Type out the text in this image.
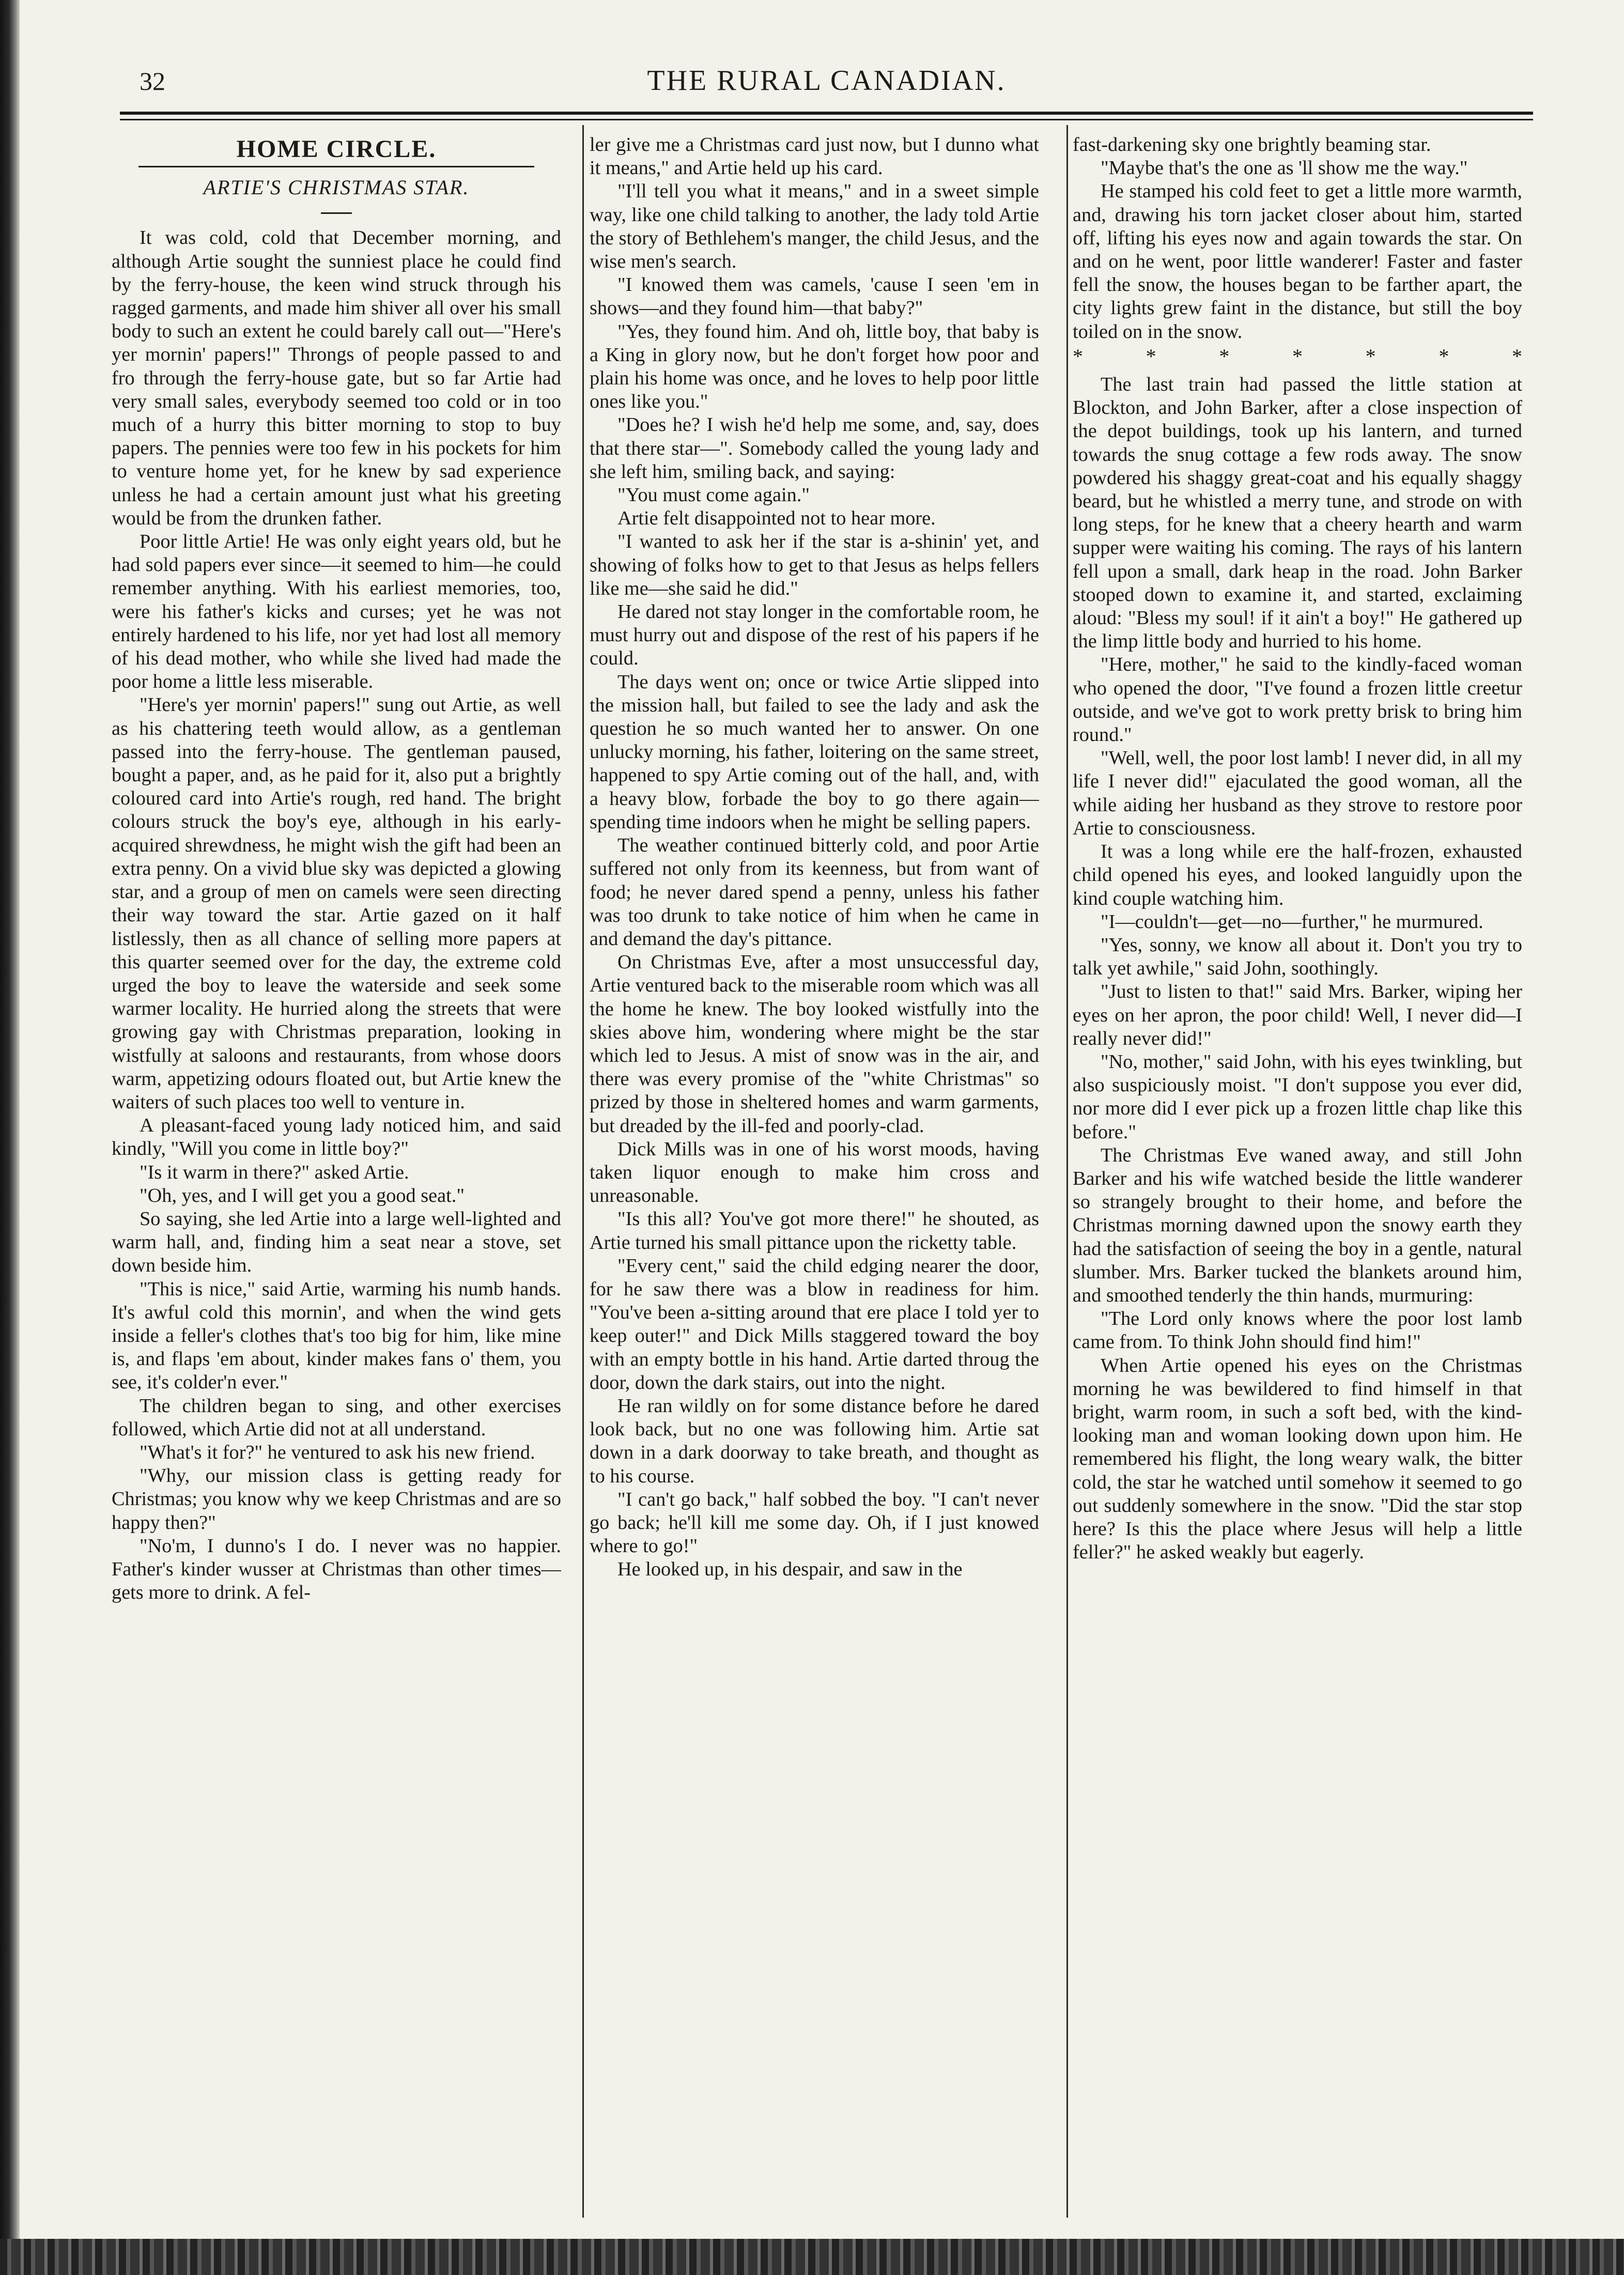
32	THE RURAL CANADIAN.
HOME CIRCLE.
ARTIE'S CHRISTMAS STAR.

It was cold, cold that December morning, and although Artie sought the sunniest place he could find by the ferry-house, the keen wind struck through his ragged garments, and made him shiver all over his small body to such an extent he could barely call out—"Here's yer mornin' papers!" Throngs of people passed to and fro through the ferry-house gate, but so far Artie had very small sales, everybody seemed too cold or in too much of a hurry this bitter morning to stop to buy papers. The pennies were too few in his pockets for him to venture home yet, for he knew by sad experience unless he had a certain amount just what his greeting would be from the drunken father.

Poor little Artie! He was only eight years old, but he had sold papers ever since—it seemed to him—he could remember anything. With his earliest memories, too, were his father's kicks and curses; yet he was not entirely hardened to his life, nor yet had lost all memory of his dead mother, who while she lived had made the poor home a little less miserable.

"Here's yer mornin' papers!" sung out Artie, as well as his chattering teeth would allow, as a gentleman passed into the ferry-house. The gentleman paused, bought a paper, and, as he paid for it, also put a brightly coloured card into Artie's rough, red hand. The bright colours struck the boy's eye, although in his early-acquired shrewdness, he might wish the gift had been an extra penny. On a vivid blue sky was depicted a glowing star, and a group of men on camels were seen directing their way toward the star. Artie gazed on it half listlessly, then as all chance of selling more papers at this quarter seemed over for the day, the extreme cold urged the boy to leave the waterside and seek some warmer locality. He hurried along the streets that were growing gay with Christmas preparation, looking in wistfully at saloons and restaurants, from whose doors warm, appetizing odours floated out, but Artie knew the waiters of such places too well to venture in.

A pleasant-faced young lady noticed him, and said kindly, "Will you come in little boy?"

"Is it warm in there?" asked Artie.

"Oh, yes, and I will get you a good seat."

So saying, she led Artie into a large well-lighted and warm hall, and, finding him a seat near a stove, set down beside him.

"This is nice," said Artie, warming his numb hands. It's awful cold this mornin', and when the wind gets inside a feller's clothes that's too big for him, like mine is, and flaps 'em about, kinder makes fans o' them, you see, it's colder'n ever."

The children began to sing, and other exercises followed, which Artie did not at all understand.

"What's it for?" he ventured to ask his new friend.

"Why, our mission class is getting ready for Christmas; you know why we keep Christmas and are so happy then?"

"No'm, I dunno's I do. I never was no happier. Father's kinder wusser at Christmas than other times—gets more to drink. A fel-

ler give me a Christmas card just now, but I dunno what it means," and Artie held up his card.

"I'll tell you what it means," and in a sweet simple way, like one child talking to another, the lady told Artie the story of Bethlehem's manger, the child Jesus, and the wise men's search.

"I knowed them was camels, 'cause I seen 'em in shows—and they found him—that baby?"

"Yes, they found him. And oh, little boy, that baby is a King in glory now, but he don't forget how poor and plain his home was once, and he loves to help poor little ones like you."

"Does he? I wish he'd help me some, and, say, does that there star—". Somebody called the young lady and she left him, smiling back, and saying:

"You must come again."

Artie felt disappointed not to hear more.

"I wanted to ask her if the star is a-shinin' yet, and showing of folks how to get to that Jesus as helps fellers like me—she said he did."

He dared not stay longer in the comfortable room, he must hurry out and dispose of the rest of his papers if he could.

The days went on; once or twice Artie slipped into the mission hall, but failed to see the lady and ask the question he so much wanted her to answer. On one unlucky morning, his father, loitering on the same street, happened to spy Artie coming out of the hall, and, with a heavy blow, forbade the boy to go there again—spending time indoors when he might be selling papers.

The weather continued bitterly cold, and poor Artie suffered not only from its keenness, but from want of food; he never dared spend a penny, unless his father was too drunk to take notice of him when he came in and demand the day's pittance.

On Christmas Eve, after a most unsuccessful day, Artie ventured back to the miserable room which was all the home he knew. The boy looked wistfully into the skies above him, wondering where might be the star which led to Jesus. A mist of snow was in the air, and there was every promise of the "white Christmas" so prized by those in sheltered homes and warm garments, but dreaded by the ill-fed and poorly-clad.

Dick Mills was in one of his worst moods, having taken liquor enough to make him cross and unreasonable.

"Is this all? You've got more there!" he shouted, as Artie turned his small pittance upon the ricketty table.

"Every cent," said the child edging nearer the door, for he saw there was a blow in readiness for him. "You've been a-sitting around that ere place I told yer to keep outer!" and Dick Mills staggered toward the boy with an empty bottle in his hand. Artie darted throug the door, down the dark stairs, out into the night.

He ran wildly on for some distance before he dared look back, but no one was following him. Artie sat down in a dark doorway to take breath, and thought as to his course.

"I can't go back," half sobbed the boy. "I can't never go back; he'll kill me some day. Oh, if I just knowed where to go!"

He looked up, in his despair, and saw in the

fast-darkening sky one brightly beaming star.

"Maybe that's the one as 'll show me the way."

He stamped his cold feet to get a little more warmth, and, drawing his torn jacket closer about him, started off, lifting his eyes now and again towards the star. On and on he went, poor little wanderer! Faster and faster fell the snow, the houses began to be farther apart, the city lights grew faint in the distance, but still the boy toiled on in the snow.

* * * * * * *

The last train had passed the little station at Blockton, and John Barker, after a close inspection of the depot buildings, took up his lantern, and turned towards the snug cottage a few rods away. The snow powdered his shaggy great-coat and his equally shaggy beard, but he whistled a merry tune, and strode on with long steps, for he knew that a cheery hearth and warm supper were waiting his coming. The rays of his lantern fell upon a small, dark heap in the road. John Barker stooped down to examine it, and started, exclaiming aloud: "Bless my soul! if it ain't a boy!" He gathered up the limp little body and hurried to his home.

"Here, mother," he said to the kindly-faced woman who opened the door, "I've found a frozen little creetur outside, and we've got to work pretty brisk to bring him round."

"Well, well, the poor lost lamb! I never did, in all my life I never did!" ejaculated the good woman, all the while aiding her husband as they strove to restore poor Artie to consciousness.

It was a long while ere the half-frozen, exhausted child opened his eyes, and looked languidly upon the kind couple watching him.

"I—couldn't—get—no—further," he murmured.

"Yes, sonny, we know all about it. Don't you try to talk yet awhile," said John, soothingly.

"Just to listen to that!" said Mrs. Barker, wiping her eyes on her apron, the poor child! Well, I never did—I really never did!"

"No, mother," said John, with his eyes twinkling, but also suspiciously moist. "I don't suppose you ever did, nor more did I ever pick up a frozen little chap like this before."

The Christmas Eve waned away, and still John Barker and his wife watched beside the little wanderer so strangely brought to their home, and before the Christmas morning dawned upon the snowy earth they had the satisfaction of seeing the boy in a gentle, natural slumber. Mrs. Barker tucked the blankets around him, and smoothed tenderly the thin hands, murmuring:

"The Lord only knows where the poor lost lamb came from. To think John should find him!"

When Artie opened his eyes on the Christmas morning he was bewildered to find himself in that bright, warm room, in such a soft bed, with the kind-looking man and woman looking down upon him. He remembered his flight, the long weary walk, the bitter cold, the star he watched until somehow it seemed to go out suddenly somewhere in the snow. "Did the star stop here? Is this the place where Jesus will help a little feller?" he asked weakly but eagerly.
